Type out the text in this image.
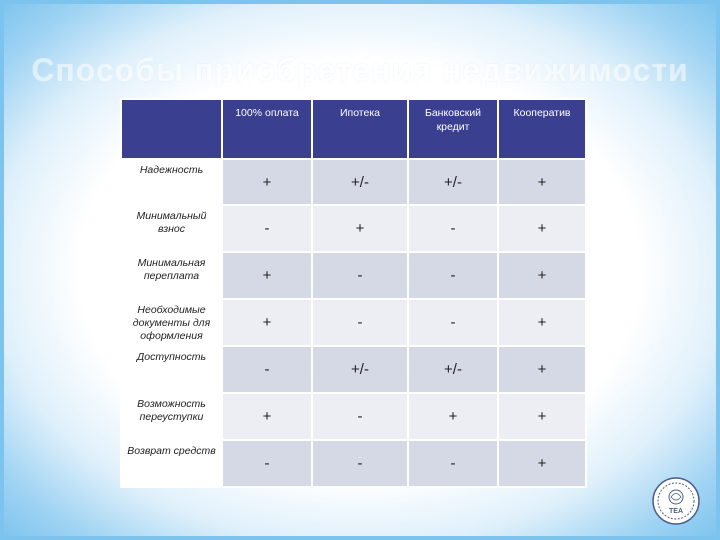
Способы приобретения недвижимости
	100% оплата	Ипотека	Банковский кредит	Кооператив
Надежность	+	+/-	+/-	+
Минимальный взнос	-	+	-	+
Минимальная переплата	+	-	-	+
Необходимые документы для оформления	+	-	-	+
Доступность	-	+/-	+/-	+
Возможность переуступки	+	-	+	+
Возврат средств	-	-	-	+
ТЕА
